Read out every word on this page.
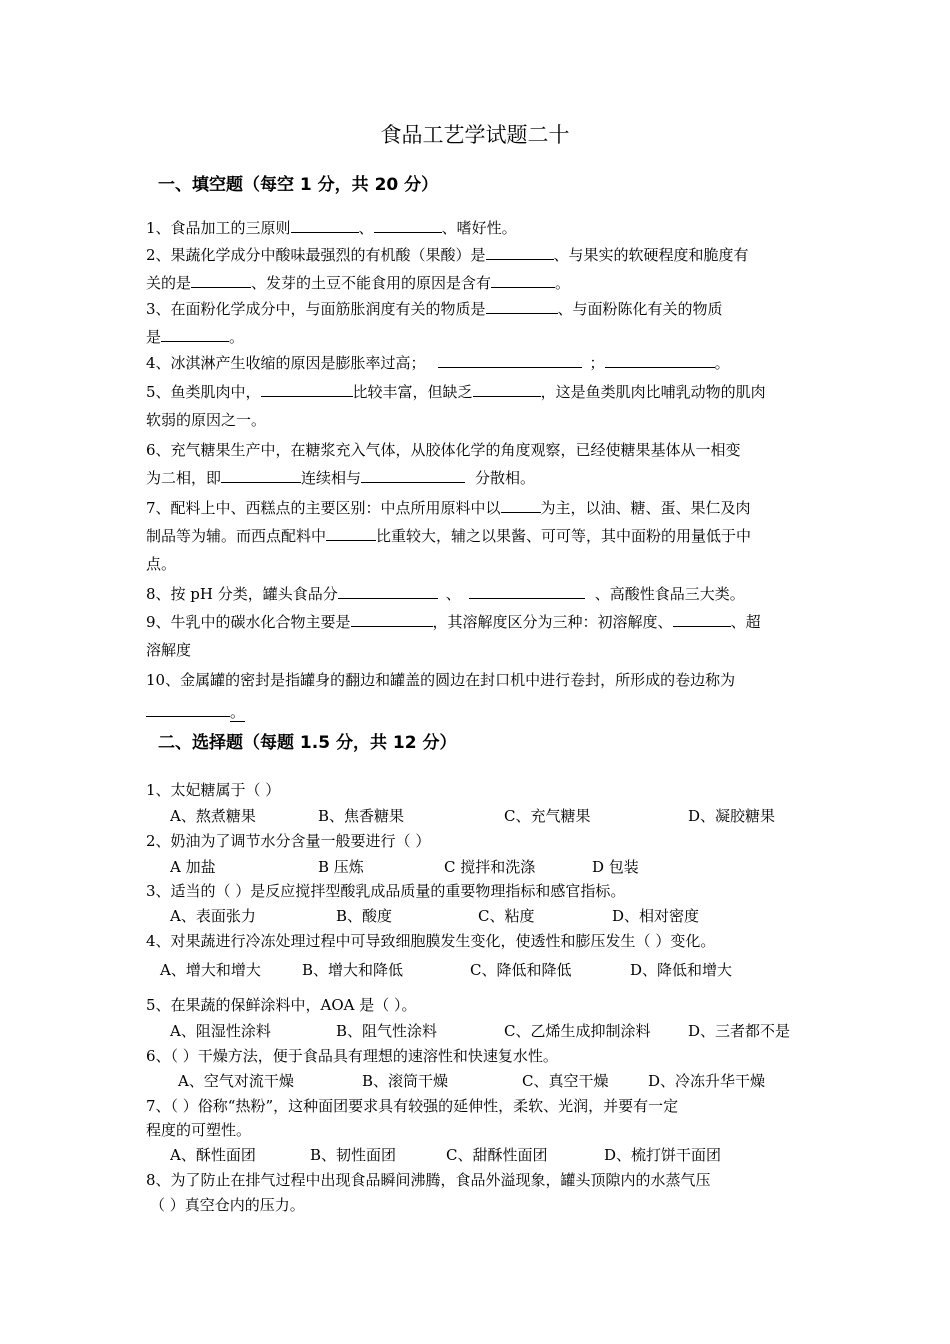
食品工艺学试题二十
一、填空题（每空 1 分，共 20 分）
1、食品加工的三原则	、	、嗜好性。
2、果蔬化学成分中酸味最强烈的有机酸（果酸）是	、与果实的软硬程度和脆度有
关的是	、发芽的土豆不能食用的原因是含有	。
3、在面粉化学成分中，与面筋胀润度有关的物质是	、与面粉陈化有关的物质
是	。
4、冰淇淋产生收缩的原因是膨胀率过高；	；	。
5、鱼类肌肉中，	比较丰富，但缺乏	，这是鱼类肌肉比哺乳动物的肌肉
软弱的原因之一。
6、充气糖果生产中，在糖浆充入气体，从胶体化学的角度观察，已经使糖果基体从一相变
为二相，即	连续相与	分散相。
7、配料上中、西糕点的主要区别：中点所用原料中以	为主，以油、糖、蛋、果仁及肉
制品等为辅。而西点配料中	比重较大，辅之以果酱、可可等，其中面粉的用量低于中
点。
8、按 pH 分类，罐头食品分	、	、高酸性食品三大类。
9、牛乳中的碳水化合物主要是	，其溶解度区分为三种：初溶解度、	、超
溶解度
10、金属罐的密封是指罐身的翻边和罐盖的圆边在封口机中进行卷封，所形成的卷边称为
。
二、选择题（每题 1.5 分，共 12 分）
1、太妃糖属于（ ）
A、熬煮糖果	B、焦香糖果	C、充气糖果	D、凝胶糖果
2、奶油为了调节水分含量一般要进行（ ）
A 加盐	B 压炼	C 搅拌和洗涤	D 包装
3、适当的（ ）是反应搅拌型酸乳成品质量的重要物理指标和感官指标。
A、表面张力	B、酸度	C、粘度	D、相对密度
4、对果蔬进行冷冻处理过程中可导致细胞膜发生变化，使透性和膨压发生（ ）变化。
A、增大和增大	B、增大和降低	C、降低和降低	D、降低和增大
5、在果蔬的保鲜涂料中，AOA 是（ ）。
A、阻湿性涂料	B、阻气性涂料	C、乙烯生成抑制涂料	D、三者都不是
6、（ ）干燥方法，便于食品具有理想的速溶性和快速复水性。
A、空气对流干燥	B、滚筒干燥	C、真空干燥	D、冷冻升华干燥
7、（ ）俗称“热粉”，这种面团要求具有较强的延伸性，柔软、光润，并要有一定
程度的可塑性。
A、酥性面团	B、韧性面团	C、甜酥性面团	D、梳打饼干面团
8、为了防止在排气过程中出现食品瞬间沸腾，食品外溢现象，罐头顶隙内的水蒸气压
（ ）真空仓内的压力。
